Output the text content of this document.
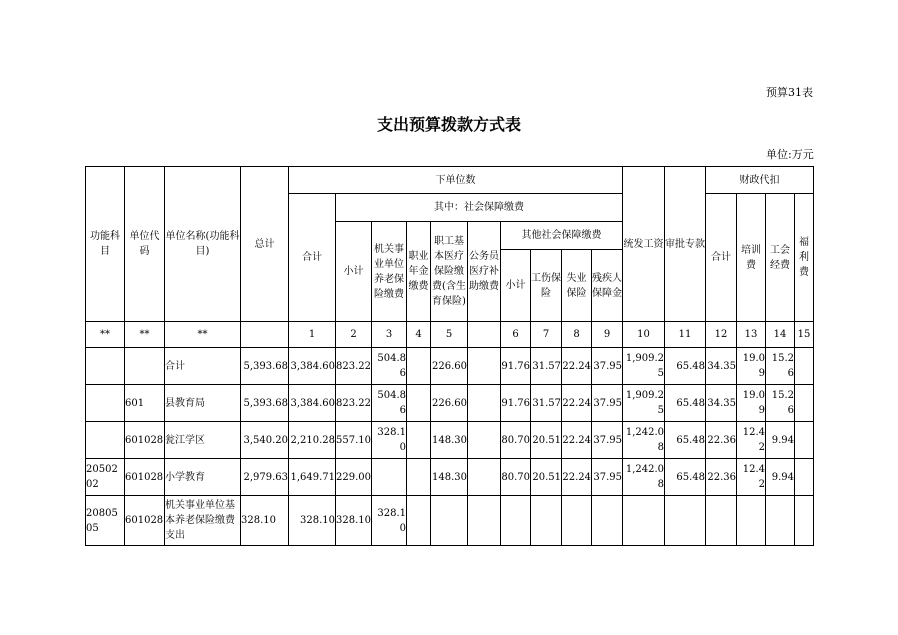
预算31表
支出预算拨款方式表
单位:万元
功能科目	单位代码	单位名称(功能科目)	总计	下单位数										统发工资	审批专款	财政代扣			
				合计	其中：社会保障缴费											合计	培训费	工会经费	福利费
					小计	机关事业单位养老保险缴费	职业年金缴费	职工基本医疗保险缴费(含生育保险)	公务员医疗补助缴费	其他社会保障缴费									
										小计	工伤保险	失业保险	残疾人保障金						
**	**	**		1	2	3	4	5		6	7	8	9	10	11	12	13	14	15
		合计	5,393.68	3,384.60	823.22	504.86		226.60		91.76	31.57	22.24	37.95	1,909.25	65.48	34.35	19.09	15.26	
	601	县教育局	5,393.68	3,384.60	823.22	504.86		226.60		91.76	31.57	22.24	37.95	1,909.25	65.48	34.35	19.09	15.26	
	601028	瓮江学区	3,540.20	2,210.28	557.10	328.10		148.30		80.70	20.51	22.24	37.95	1,242.08	65.48	22.36	12.42	9.94	
2050202	601028	小学教育	2,979.63	1,649.71	229.00			148.30		80.70	20.51	22.24	37.95	1,242.08	65.48	22.36	12.42	9.94	
2080505	601028	机关事业单位基本养老保险缴费支出	328.10	328.10	328.10	328.10													
